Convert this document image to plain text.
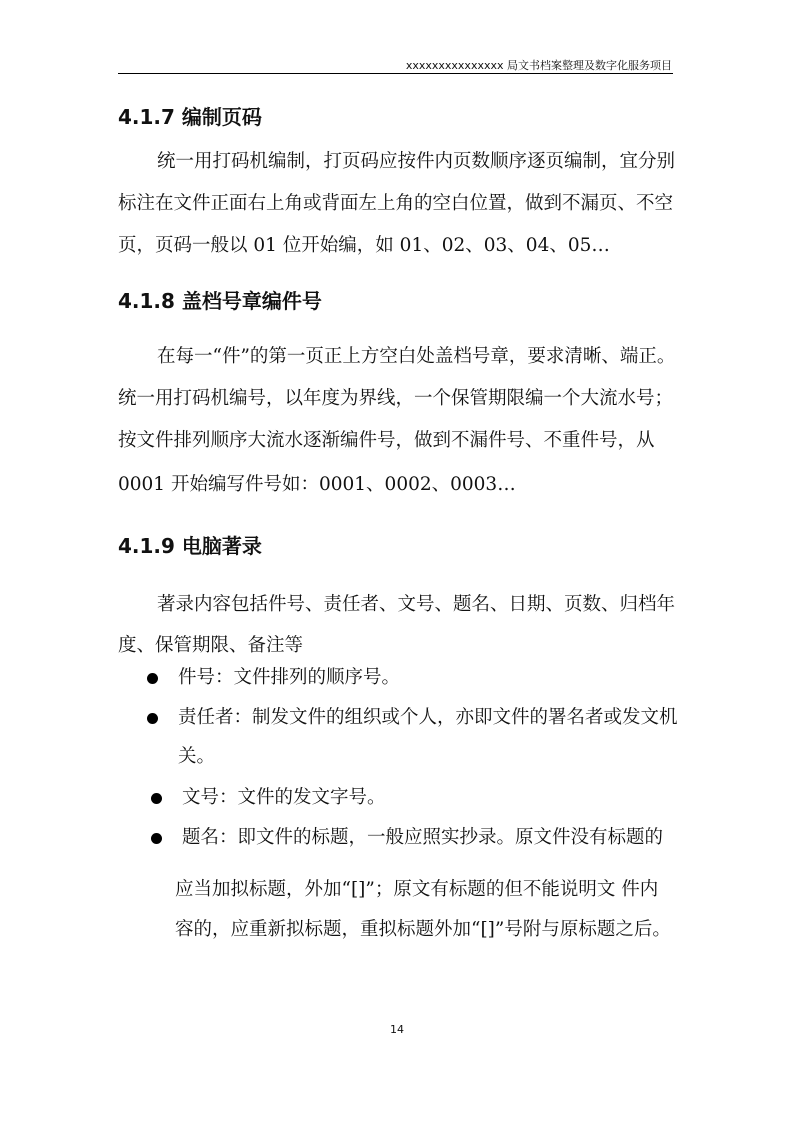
xxxxxxxxxxxxxxx 局文书档案整理及数字化服务项目
4.1.7 编制页码
统一用打码机编制，打页码应按件内页数顺序逐页编制，宜分别
标注在文件正面右上角或背面左上角的空白位置，做到不漏页、不空
页，页码一般以 01 位开始编，如 01、02、03、04、05…
4.1.8 盖档号章编件号
在每一“件”的第一页正上方空白处盖档号章，要求清晰、端正。
统一用打码机编号，以年度为界线，一个保管期限编一个大流水号；
按文件排列顺序大流水逐渐编件号，做到不漏件号、不重件号，从
0001 开始编写件号如：0001、0002、0003…
4.1.9 电脑著录
著录内容包括件号、责任者、文号、题名、日期、页数、归档年
度、保管期限、备注等
件号：文件排列的顺序号。
责任者：制发文件的组织或个人，亦即文件的署名者或发文机
关。
文号：文件的发文字号。
题名：即文件的标题，一般应照实抄录。原文件没有标题的
应当加拟标题，外加“[]”；原文有标题的但不能说明文 件内
容的，应重新拟标题，重拟标题外加“[]”号附与原标题之后。
14
